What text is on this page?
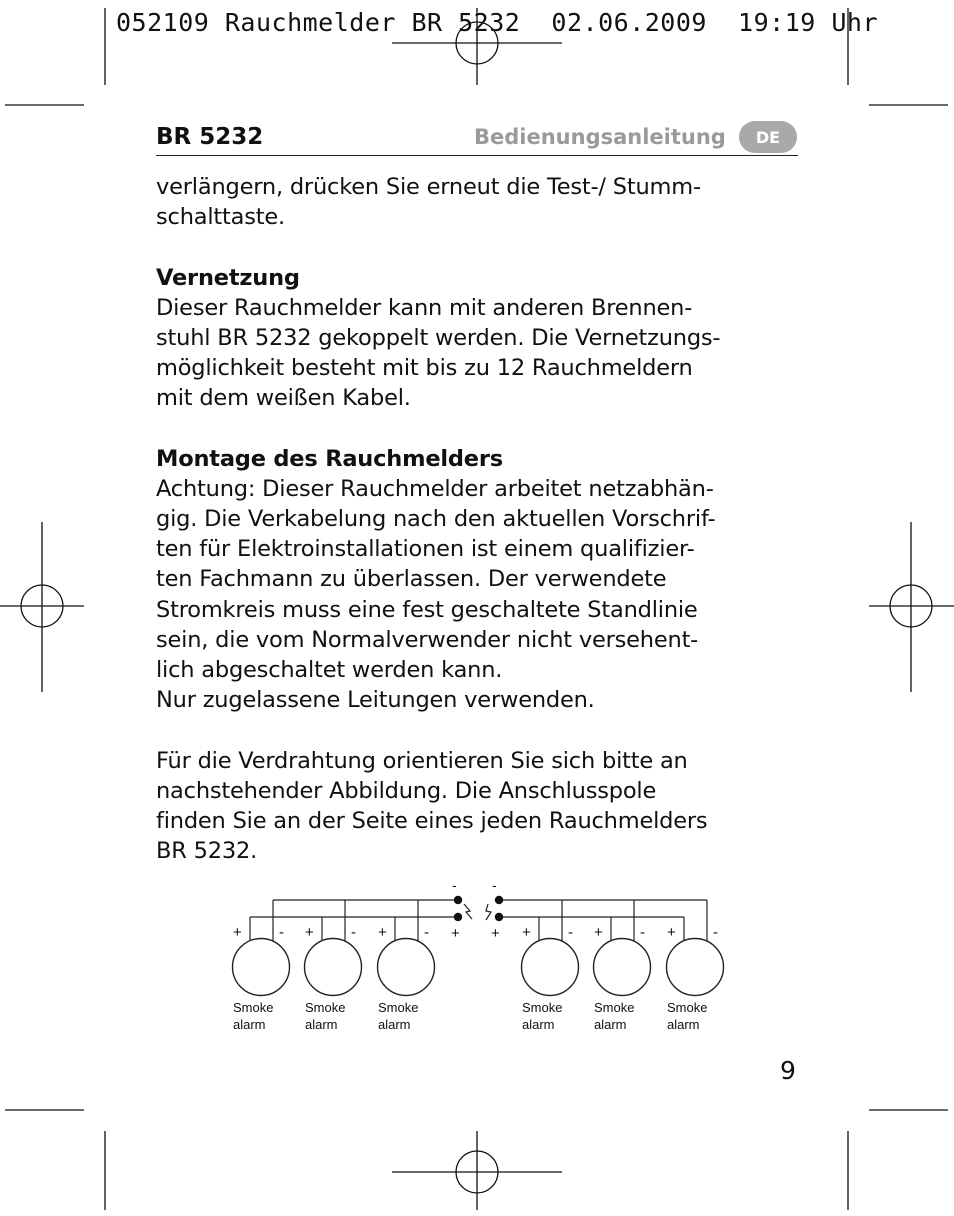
052109 Rauchmelder BR 5232  02.06.2009  19:19 Uhr
BR 5232	Bedienungsanleitung DE
verlängern, drücken Sie erneut die Test-/ Stumm-
schalttaste.
Vernetzung
Dieser Rauchmelder kann mit anderen Brennen-
stuhl BR 5232 gekoppelt werden. Die Vernetzungs-
möglichkeit besteht mit bis zu 12 Rauchmeldern
mit dem weißen Kabel.
Montage des Rauchmelders
Achtung: Dieser Rauchmelder arbeitet netzabhän-
gig. Die Verkabelung nach den aktuellen Vorschrif-
ten für Elektroinstallationen ist einem qualifizier-
ten Fachmann zu überlassen. Der verwendete
Stromkreis muss eine fest geschaltete Standlinie
sein, die vom Normalverwender nicht versehent-
lich abgeschaltet werden kann.
Nur zugelassene Leitungen verwenden.
Für die Verdrahtung orientieren Sie sich bitte an
nachstehender Abbildung. Die Anschlusspole
finden Sie an der Seite eines jeden Rauchmelders
BR 5232.
-	-
+ +
+ -
Smoke
alarm
+ -
Smoke
alarm
+ -
Smoke
alarm
+ -
Smoke
alarm
+ -
Smoke
alarm
+ -
Smoke
alarm
9
